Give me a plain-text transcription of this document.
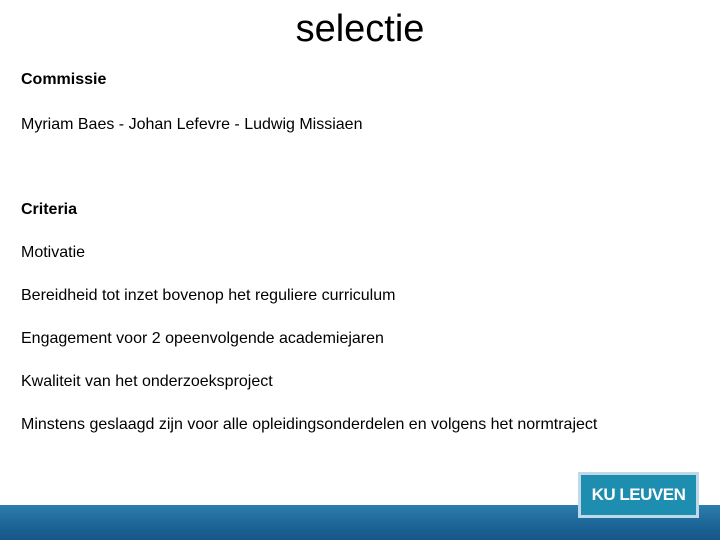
selectie
Commissie
Myriam Baes - Johan Lefevre - Ludwig Missiaen
Criteria
Motivatie
Bereidheid tot inzet bovenop het reguliere curriculum
Engagement voor 2 opeenvolgende academiejaren
Kwaliteit van het onderzoeksproject
Minstens geslaagd zijn voor alle opleidingsonderdelen en volgens het normtraject
KU LEUVEN
